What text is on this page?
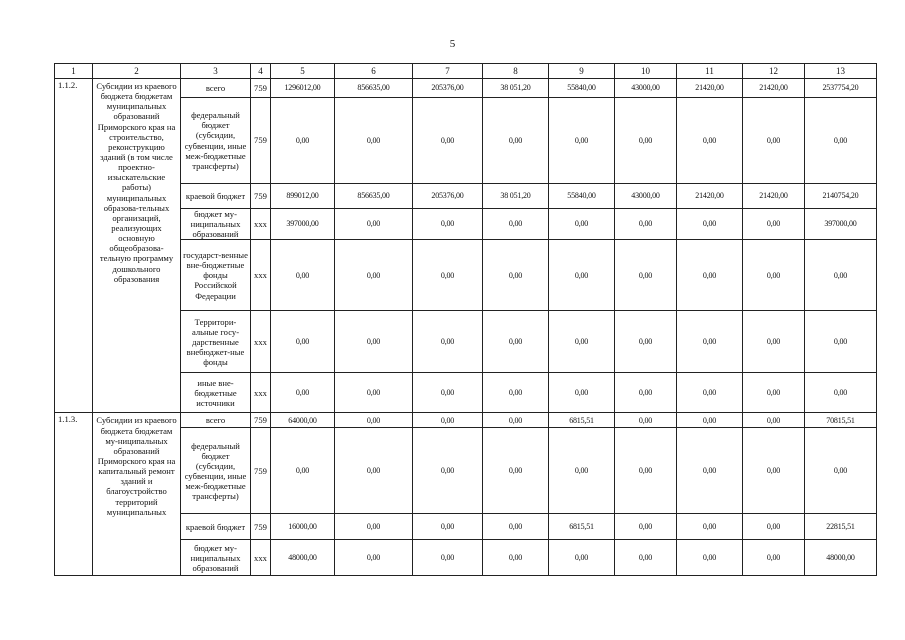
5
1	2	3	4	5	6	7	8	9	10	11	12	13
1.1.2.	Субсидии из краевого бюджета бюджетам муниципальных образований Приморского края на строительство, реконструкцию зданий (в том числе проектно-изыскательские работы) муниципальных образова-тельных организаций, реализующих основную общеобразова-тельную программу дошкольного образования	всего	759	1296012,00	856635,00	205376,00	38 051,20	55840,00	43000,00	21420,00	21420,00	2537754,20
		федеральный бюджет (субсидии, субвенции, иные меж-бюджетные трансферты)	759	0,00	0,00	0,00	0,00	0,00	0,00	0,00	0,00	0,00
		краевой бюджет	759	899012,00	856635,00	205376,00	38 051,20	55840,00	43000,00	21420,00	21420,00	2140754,20
		бюджет му-ниципальных образований	ххх	397000,00	0,00	0,00	0,00	0,00	0,00	0,00	0,00	397000,00
		государст-венные вне-бюджетные фонды Российской Федерации	ххх	0,00	0,00	0,00	0,00	0,00	0,00	0,00	0,00	0,00
		Территори-альные госу-дарственные внебюджет-ные фонды	ххх	0,00	0,00	0,00	0,00	0,00	0,00	0,00	0,00	0,00
		иные вне-бюджетные источники	ххх	0,00	0,00	0,00	0,00	0,00	0,00	0,00	0,00	0,00
1.1.3.	Субсидии из краевого бюджета бюджетам му-ниципальных образований Приморского края на капитальный ремонт зданий и благоустройство территорий муниципальных	всего	759	64000,00	0,00	0,00	0,00	6815,51	0,00	0,00	0,00	70815,51
		федеральный бюджет (субсидии, субвенции, иные меж-бюджетные трансферты)	759	0,00	0,00	0,00	0,00	0,00	0,00	0,00	0,00	0,00
		краевой бюджет	759	16000,00	0,00	0,00	0,00	6815,51	0,00	0,00	0,00	22815,51
		бюджет му-ниципальных образований	ххх	48000,00	0,00	0,00	0,00	0,00	0,00	0,00	0,00	48000,00
